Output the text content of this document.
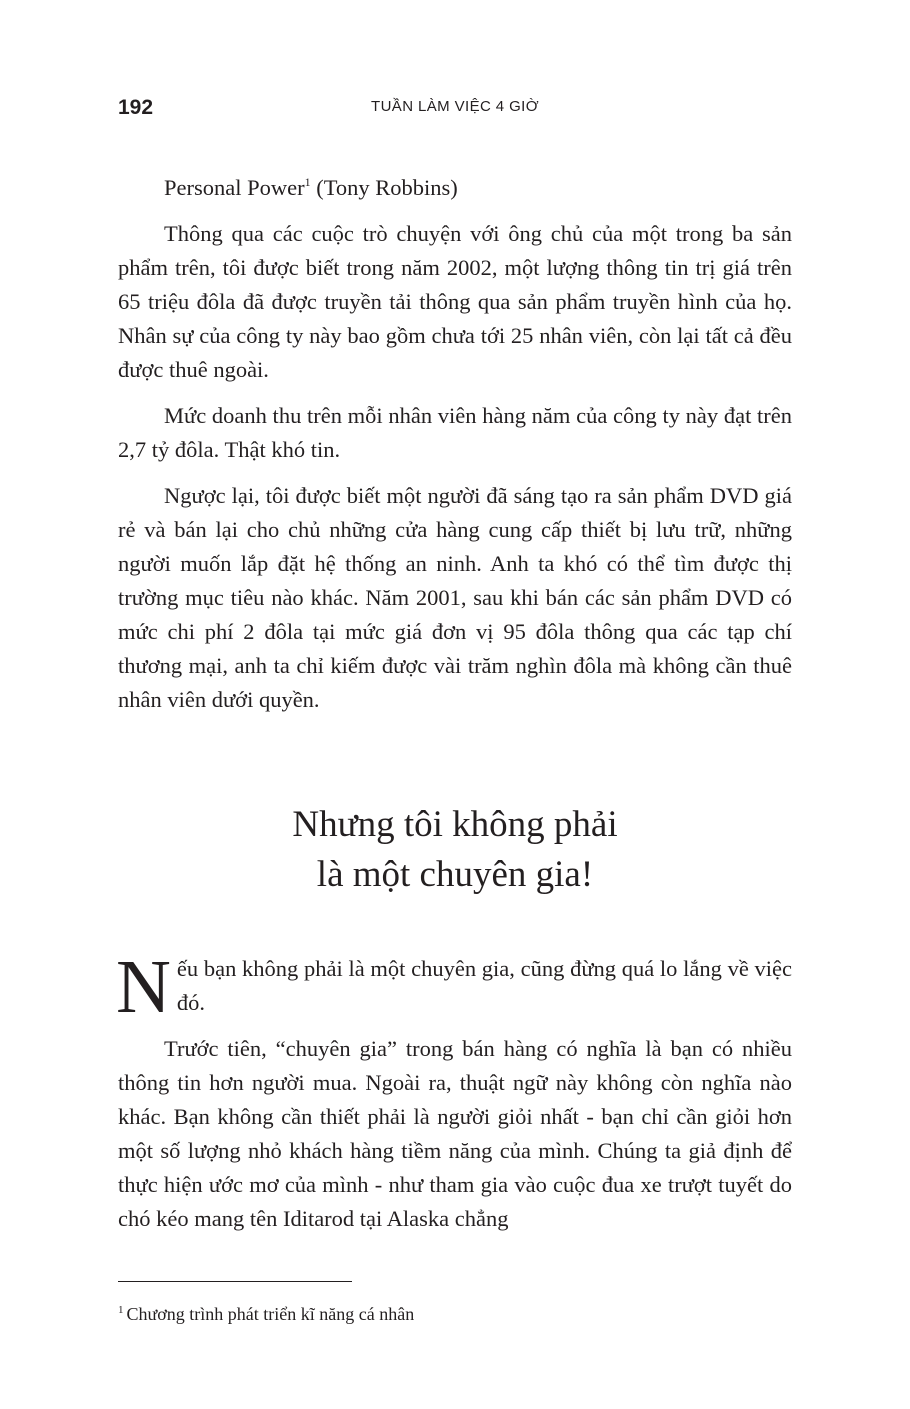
192	TUẦN LÀM VIỆC 4 GIỜ

Personal Power$^1$ (Tony Robbins)

Thông qua các cuộc trò chuyện với ông chủ của một trong ba sản phẩm trên, tôi được biết trong năm 2002, một lượng thông tin trị giá trên 65 triệu đôla đã được truyền tải thông qua sản phẩm truyền hình của họ. Nhân sự của công ty này bao gồm chưa tới 25 nhân viên, còn lại tất cả đều được thuê ngoài.

Mức doanh thu trên mỗi nhân viên hàng năm của công ty này đạt trên 2,7 tỷ đôla. Thật khó tin.

Ngược lại, tôi được biết một người đã sáng tạo ra sản phẩm DVD giá rẻ và bán lại cho chủ những cửa hàng cung cấp thiết bị lưu trữ, những người muốn lắp đặt hệ thống an ninh. Anh ta khó có thể tìm được thị trường mục tiêu nào khác. Năm 2001, sau khi bán các sản phẩm DVD có mức chi phí 2 đôla tại mức giá đơn vị 95 đôla thông qua các tạp chí thương mại, anh ta chỉ kiếm được vài trăm nghìn đôla mà không cần thuê nhân viên dưới quyền.

Nhưng tôi không phải
là một chuyên gia!

Nếu bạn không phải là một chuyên gia, cũng đừng quá lo lắng về việc đó.

Trước tiên, “chuyên gia” trong bán hàng có nghĩa là bạn có nhiều thông tin hơn người mua. Ngoài ra, thuật ngữ này không còn nghĩa nào khác. Bạn không cần thiết phải là người giỏi nhất - bạn chỉ cần giỏi hơn một số lượng nhỏ khách hàng tiềm năng của mình. Chúng ta giả định để thực hiện ước mơ của mình - như tham gia vào cuộc đua xe trượt tuyết do chó kéo mang tên Iditarod tại Alaska chẳng

$^1$ Chương trình phát triển kĩ năng cá nhân
